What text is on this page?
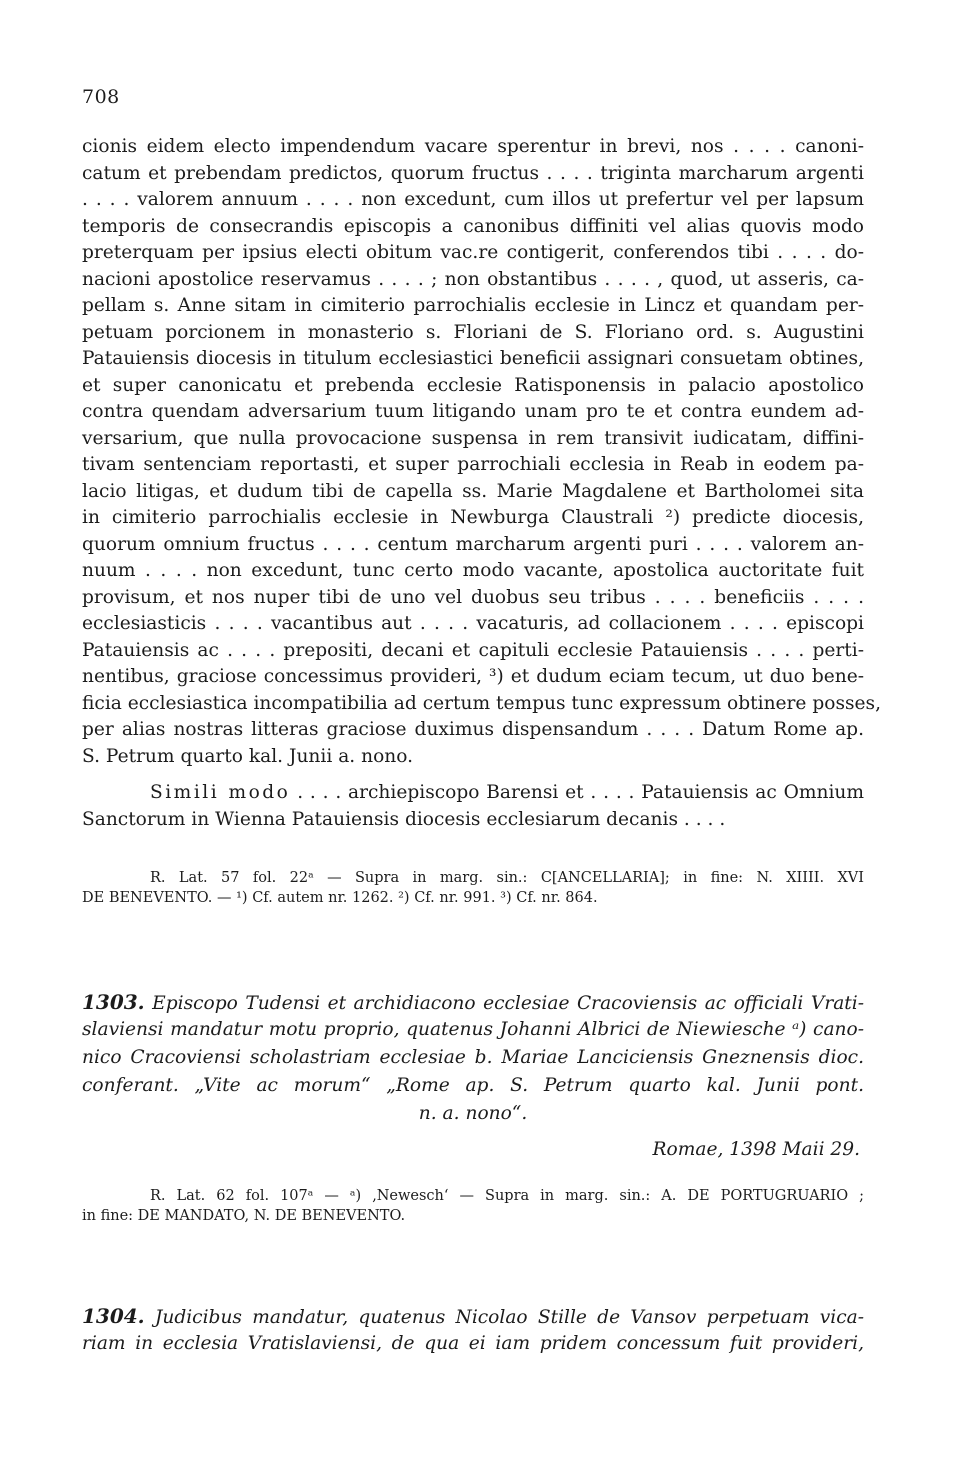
708
cionis eidem electo impendendum vacare sperentur in brevi, nos . . . . canoni-
catum et prebendam predictos, quorum fructus . . . . triginta marcharum argenti
. . . . valorem annuum . . . . non excedunt, cum illos ut prefertur vel per lapsum
temporis de consecrandis episcopis a canonibus diffiniti vel alias quovis modo
preterquam per ipsius electi obitum vac.re contigerit, conferendos tibi . . . . do-
nacioni apostolice reservamus . . . . ; non obstantibus . . . . , quod, ut asseris, ca-
pellam s. Anne sitam in cimiterio parrochialis ecclesie in Lincz et quandam per-
petuam porcionem in monasterio s. Floriani de S. Floriano ord. s. Augustini
Patauiensis diocesis in titulum ecclesiastici beneficii assignari consuetam obtines,
et super canonicatu et prebenda ecclesie Ratisponensis in palacio apostolico
contra quendam adversarium tuum litigando unam pro te et contra eundem ad-
versarium, que nulla provocacione suspensa in rem transivit iudicatam, diffini-
tivam sentenciam reportasti, et super parrochiali ecclesia in Reab in eodem pa-
lacio litigas, et dudum tibi de capella ss. Marie Magdalene et Bartholomei sita
in cimiterio parrochialis ecclesie in Newburga Claustrali ²) predicte diocesis,
quorum omnium fructus . . . . centum marcharum argenti puri . . . . valorem an-
nuum . . . . non excedunt, tunc certo modo vacante, apostolica auctoritate fuit
provisum, et nos nuper tibi de uno vel duobus seu tribus . . . . beneficiis . . . .
ecclesiasticis . . . . vacantibus aut . . . . vacaturis, ad collacionem . . . . episcopi
Patauiensis ac . . . . prepositi, decani et capituli ecclesie Patauiensis . . . . perti-
nentibus, graciose concessimus provideri, ³) et dudum eciam tecum, ut duo bene-
ficia ecclesiastica incompatibilia ad certum tempus tunc expressum obtinere posses,
per alias nostras litteras graciose duximus dispensandum . . . . Datum Rome ap.
S. Petrum quarto kal. Junii a. nono.
Simili modo . . . . archiepiscopo Barensi et . . . . Patauiensis ac Omnium
Sanctorum in Wienna Patauiensis diocesis ecclesiarum decanis . . . .
R. Lat. 57 fol. 22ᵃ — Supra in marg. sin.: C[ANCELLARIA]; in fine: N. XIIII. XVI
DE BENEVENTO. — ¹) Cf. autem nr. 1262. ²) Cf. nr. 991. ³) Cf. nr. 864.
1303. Episcopo Tudensi et archidiacono ecclesiae Cracoviensis ac officiali Vrati-
slaviensi mandatur motu proprio, quatenus Johanni Albrici de Niewiesche ᵃ) cano-
nico Cracoviensi scholastriam ecclesiae b. Mariae Lanciciensis Gneznensis dioc.
conferant. „Vite ac morum“ „Rome ap. S. Petrum quarto kal. Junii pont.
n. a. nono“.
Romae, 1398 Maii 29.
R. Lat. 62 fol. 107ᵃ — ᵃ) ‚Newesch‘ — Supra in marg. sin.: A. DE PORTUGRUARIO ;
in fine: DE MANDATO, N. DE BENEVENTO.
1304. Judicibus mandatur, quatenus Nicolao Stille de Vansov perpetuam vica-
riam in ecclesia Vratislaviensi, de qua ei iam pridem concessum fuit provideri,
